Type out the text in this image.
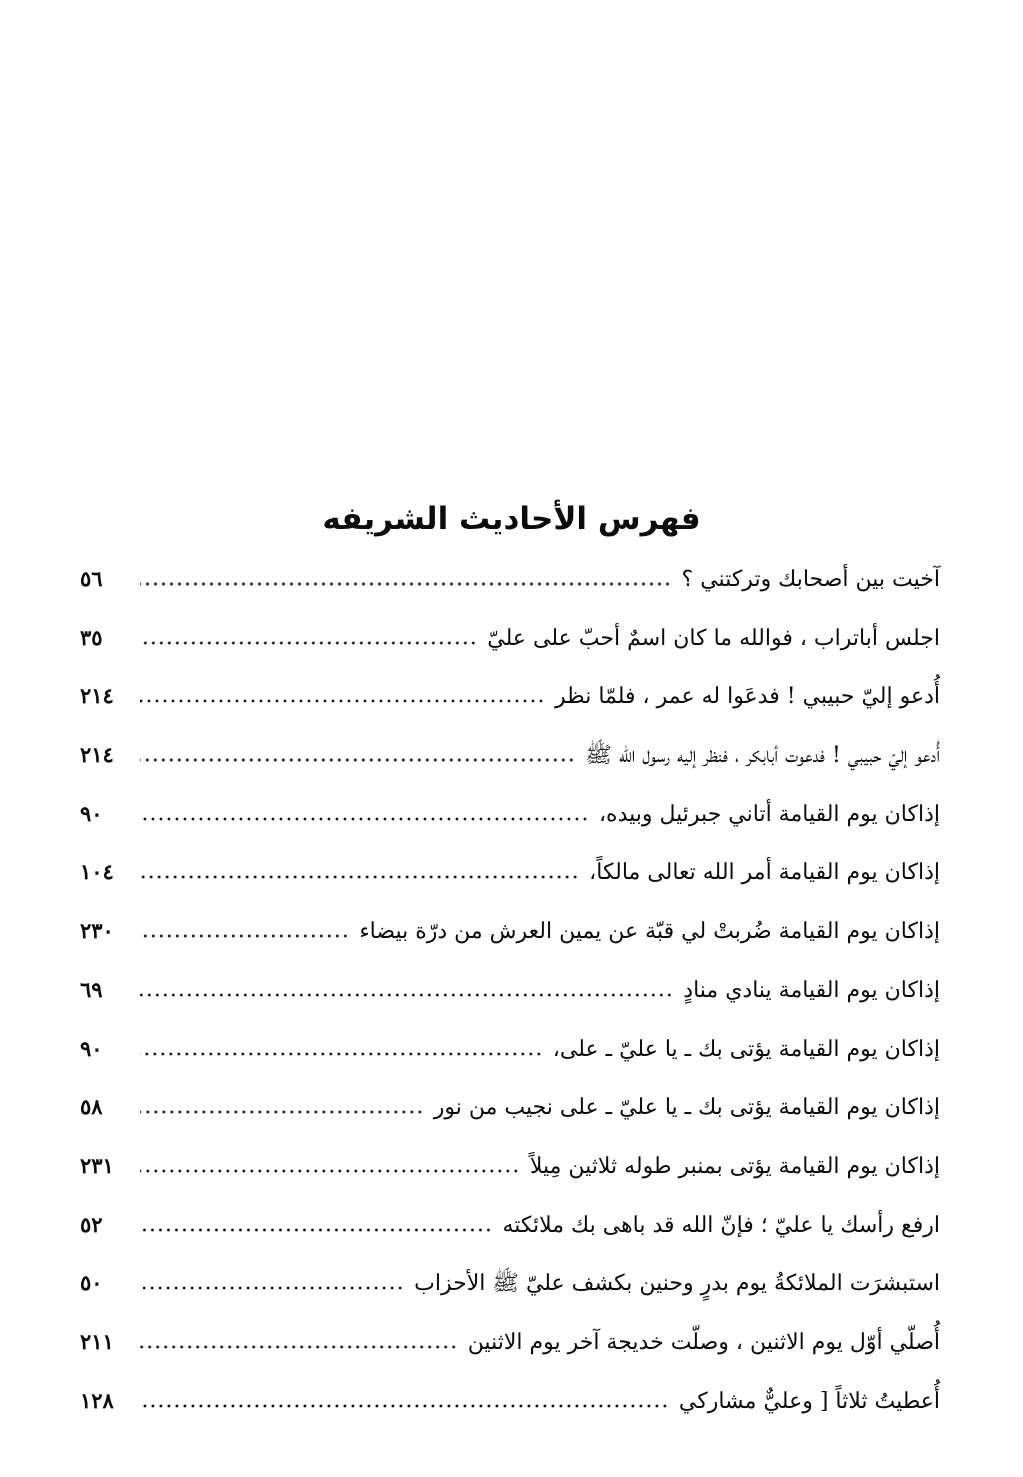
فهرس الأحاديث الشريفه
آخيت بين أصحابك وتركتني ؟
٥٦
اجلس أباتراب ، فوالله ما كان اسمٌ أحبّ على عليّ
٣٥
أُدعو إليّ حبيبي ! فدعَوا له عمر ، فلمّا نظر
٢١٤
أُدعو إليّ حبيبي ! فدعوت أبابكر ، فنظر إليه رسول الله ﷺ
٢١٤
إذاكان يوم القيامة أتاني جبرئيل وبيده،
٩٠
إذاكان يوم القيامة أمر الله تعالى مالكاً،
١٠٤
إذاكان يوم القيامة ضُربتْ لي قبّة عن يمين العرش من درّة بيضاء
٢٣٠
إذاكان يوم القيامة ينادي منادٍ
٦٩
إذاكان يوم القيامة يؤتى بك ـ يا عليّ ـ على،
٩٠
إذاكان يوم القيامة يؤتى بك ـ يا عليّ ـ على نجيب من نور
٥٨
إذاكان يوم القيامة يؤتى بمنبر طوله ثلاثين مِيلاً
٢٣١
ارفع رأسك يا عليّ ؛ فإنّ الله قد باهى بك ملائكته
٥٢
استبشرَت الملائكةُ يوم بدرٍ وحنين بكشف عليّ ﷺ الأحزاب
٥٠
أُصلّي أوّل يوم الاثنين ، وصلّت خديجة آخر يوم الاثنين
٢١١
أُعطيتُ ثلاثاً [ وعليٌّ مشاركي
١٢٨
